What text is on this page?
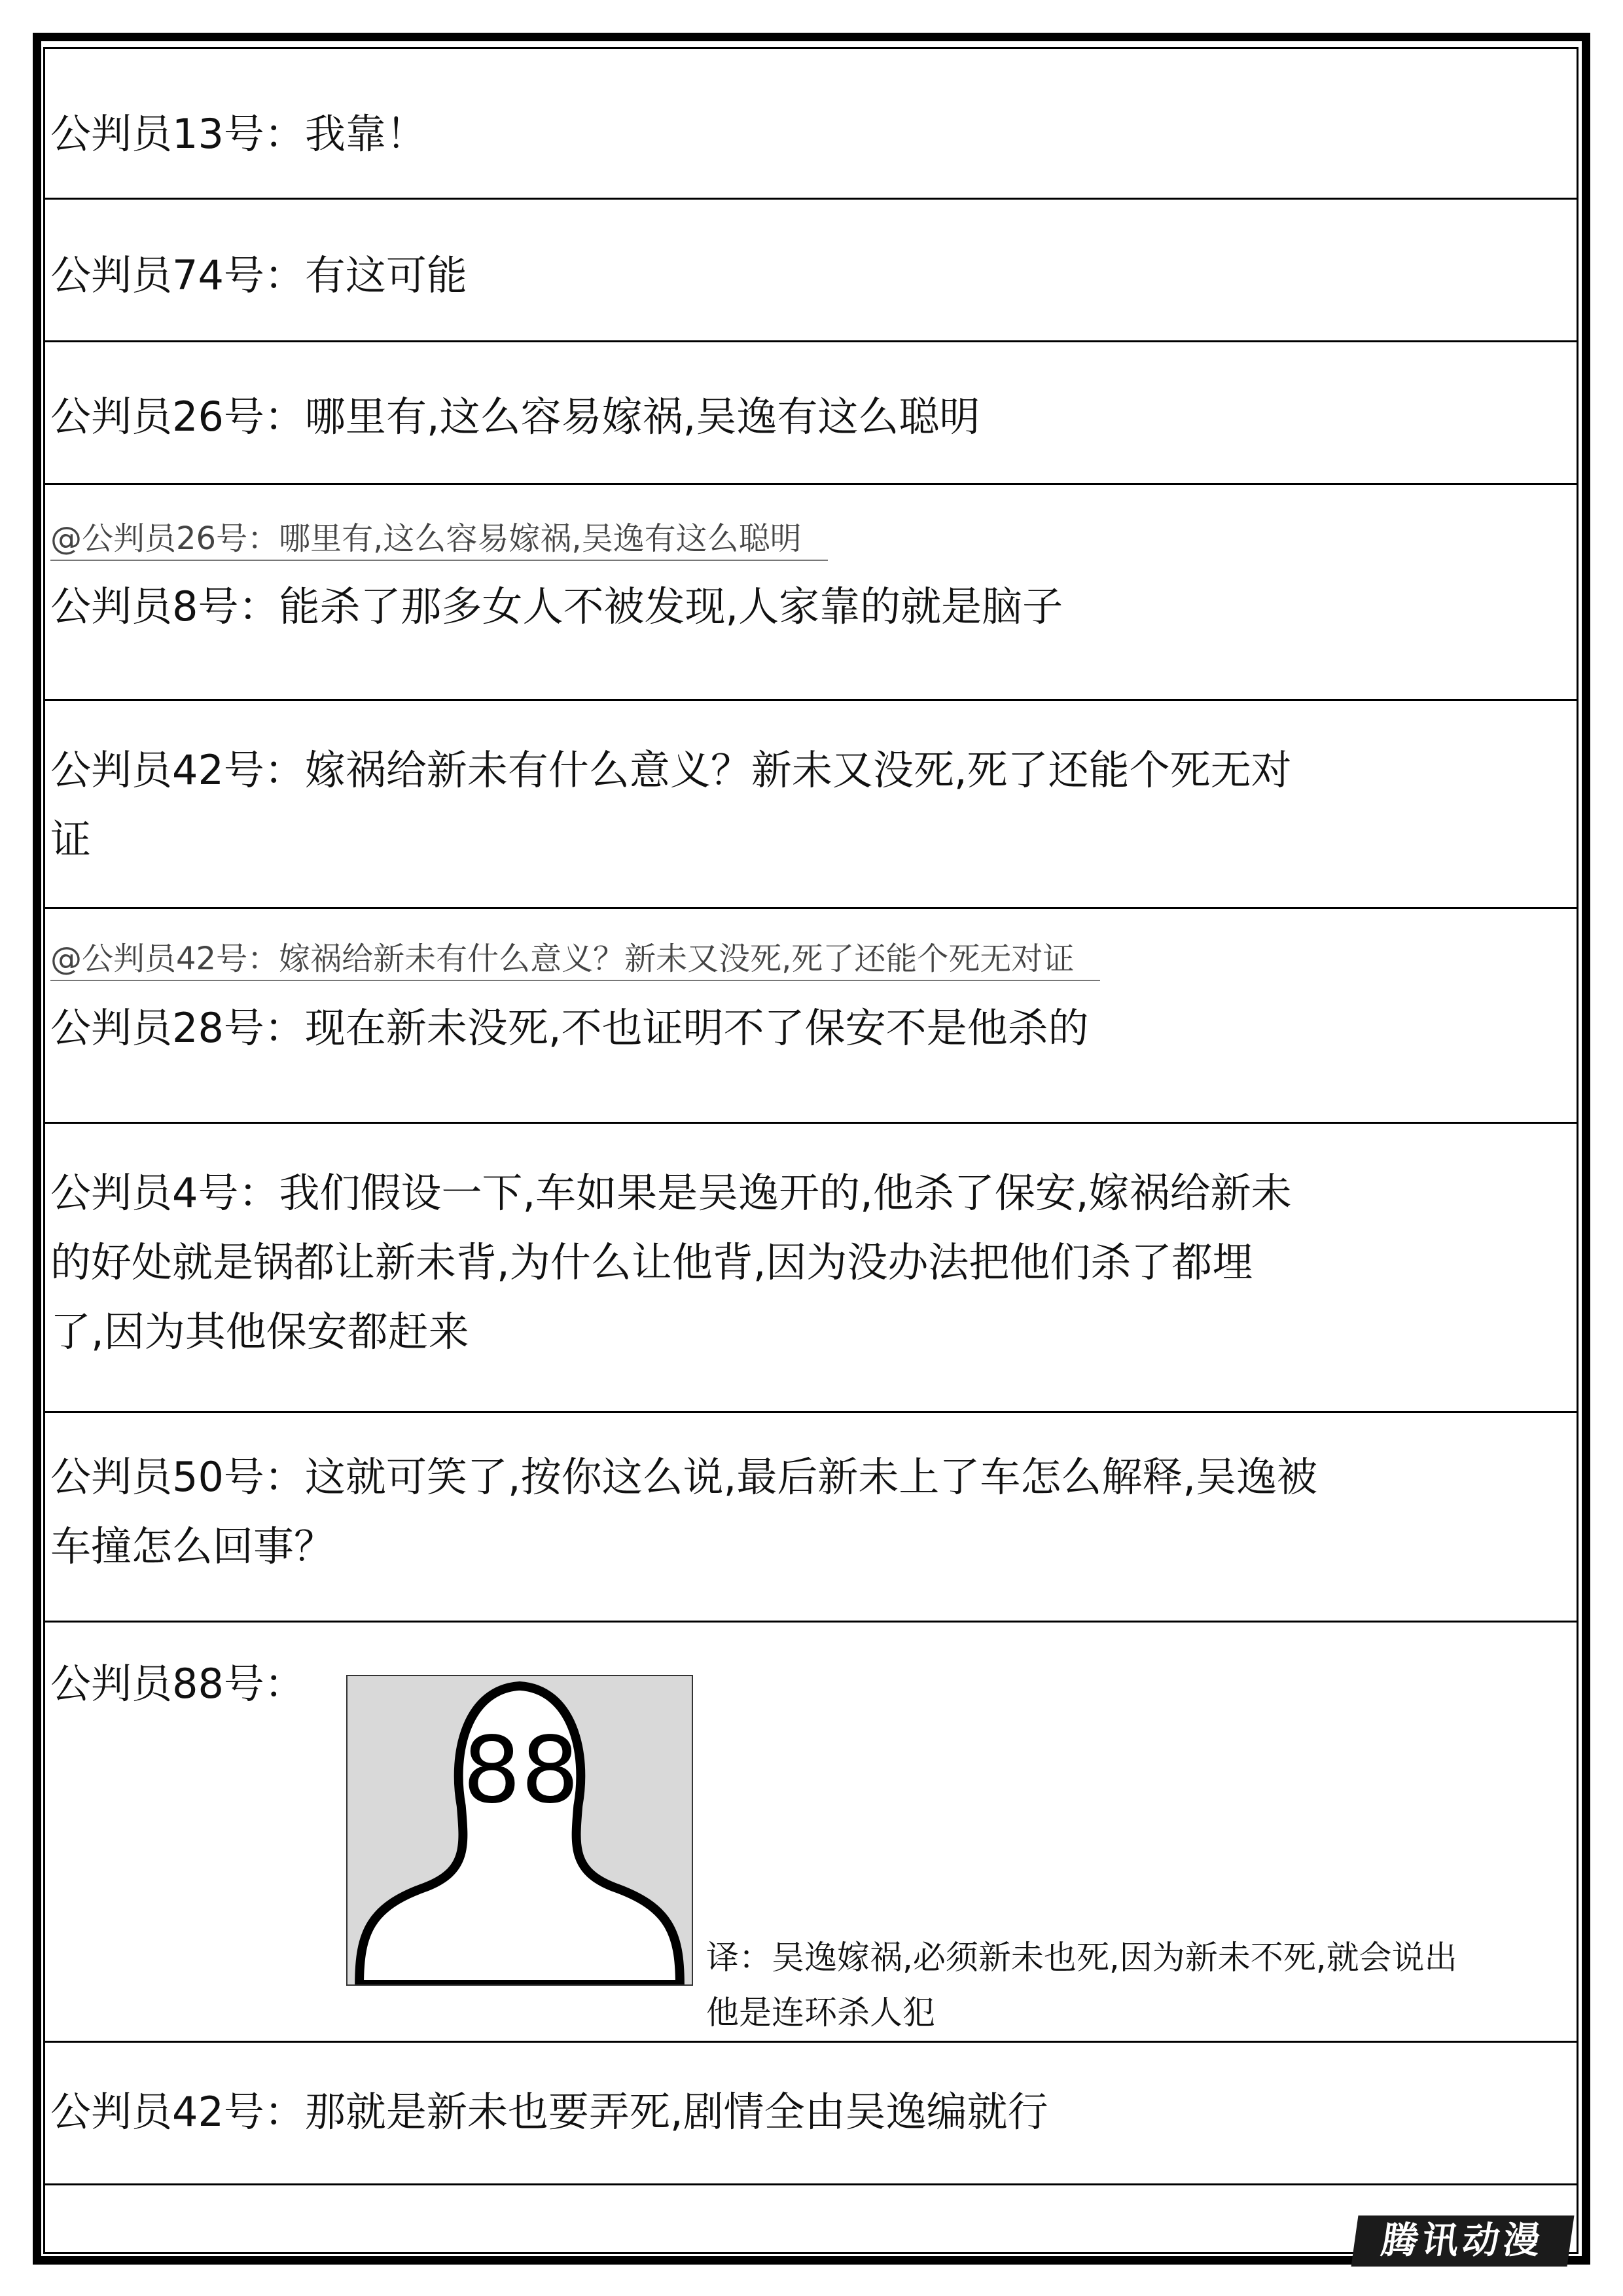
公判员13号：我靠！
公判员74号：有这可能
公判员26号：哪里有,这么容易嫁祸,吴逸有这么聪明
@公判员26号：哪里有,这么容易嫁祸,吴逸有这么聪明
公判员8号：能杀了那多女人不被发现,人家靠的就是脑子
公判员42号：嫁祸给新未有什么意义？新未又没死,死了还能个死无对
证
@公判员42号：嫁祸给新未有什么意义？新未又没死,死了还能个死无对证
公判员28号：现在新未没死,不也证明不了保安不是他杀的
公判员4号：我们假设一下,车如果是吴逸开的,他杀了保安,嫁祸给新未
的好处就是锅都让新未背,为什么让他背,因为没办法把他们杀了都埋
了,因为其他保安都赶来
公判员50号：这就可笑了,按你这么说,最后新未上了车怎么解释,吴逸被
车撞怎么回事？
公判员88号：
88
译：吴逸嫁祸,必须新未也死,因为新未不死,就会说出
他是连环杀人犯
公判员42号：那就是新未也要弄死,剧情全由吴逸编就行
腾讯动漫
